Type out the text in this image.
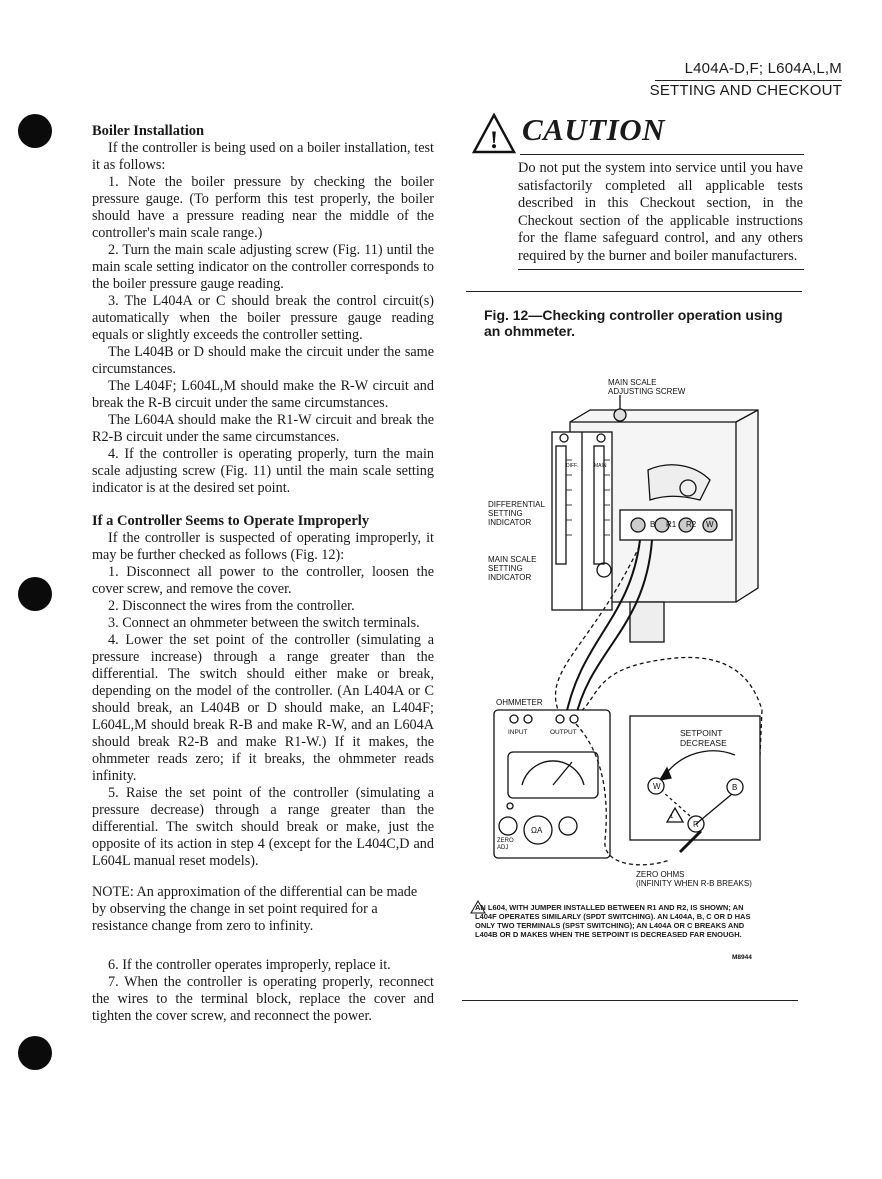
L404A-D,F; L604A,L,M
SETTING AND CHECKOUT
Boiler Installation

If the controller is being used on a boiler installation, test it as follows:

1. Note the boiler pressure by checking the boiler pressure gauge. (To perform this test properly, the boiler should have a pressure reading near the middle of the controller's main scale range.)

2. Turn the main scale adjusting screw (Fig. 11) until the main scale setting indicator on the controller corresponds to the boiler pressure gauge reading.

3. The L404A or C should break the control circuit(s) automatically when the boiler pressure gauge reading equals or slightly exceeds the controller setting.

The L404B or D should make the circuit under the same circumstances.

The L404F; L604L,M should make the R-W circuit and break the R-B circuit under the same circumstances.

The L604A should make the R1-W circuit and break the R2-B circuit under the same circumstances.

4. If the controller is operating properly, turn the main scale adjusting screw (Fig. 11) until the main scale setting indicator is at the desired set point.

If a Controller Seems to Operate Improperly

If the controller is suspected of operating improperly, it may be further checked as follows (Fig. 12):

1. Disconnect all power to the controller, loosen the cover screw, and remove the cover.

2. Disconnect the wires from the controller.

3. Connect an ohmmeter between the switch terminals.

4. Lower the set point of the controller (simulating a pressure increase) through a range greater than the differential. The switch should either make or break, depending on the model of the controller. (An L404A or C should break, an L404B or D should make, an L404F; L604L,M should break R-B and make R-W, and an L604A should break R2-B and make R1-W.) If it makes, the ohmmeter reads zero; if it breaks, the ohmmeter reads infinity.

5. Raise the set point of the controller (simulating a pressure decrease) through a range greater than the differential. The switch should break or make, just the opposite of its action in step 4 (except for the L404C,D and L604L manual reset models).

NOTE: An approximation of the differential can be made by observing the change in set point required for a resistance change from zero to infinity.

6. If the controller operates improperly, replace it.

7. When the controller is operating properly, reconnect the wires to the terminal block, replace the cover and tighten the cover screw, and reconnect the power.

! CAUTION
Do not put the system into service until you have satisfactorily completed all applicable tests described in this Checkout section, in the Checkout section of the applicable instructions for the flame safeguard control, and any others required by the burner and boiler manufacturers.
Fig. 12—Checking controller operation using an ohmmeter.
MAIN SCALE
ADJUSTING SCREW
DIFFERENTIAL
SETTING
INDICATOR
MAIN SCALE
SETTING
INDICATOR
DIFF.	MAIN
B R1 R2 W
OHMMETER
INPUT	OUTPUT
ZERO
ADJ
ΩA
SETPOINT
DECREASE
W	B
R
1
ZERO OHMS
(INFINITY WHEN R-B BREAKS)
AN L604, WITH JUMPER INSTALLED BETWEEN R1 AND R2, IS SHOWN; AN L404F OPERATES SIMILARLY (SPDT SWITCHING). AN L404A, B, C OR D HAS ONLY TWO TERMINALS (SPST SWITCHING); AN L404A OR C BREAKS AND L404B OR D MAKES WHEN THE SETPOINT IS DECREASED FAR ENOUGH.
M8944
